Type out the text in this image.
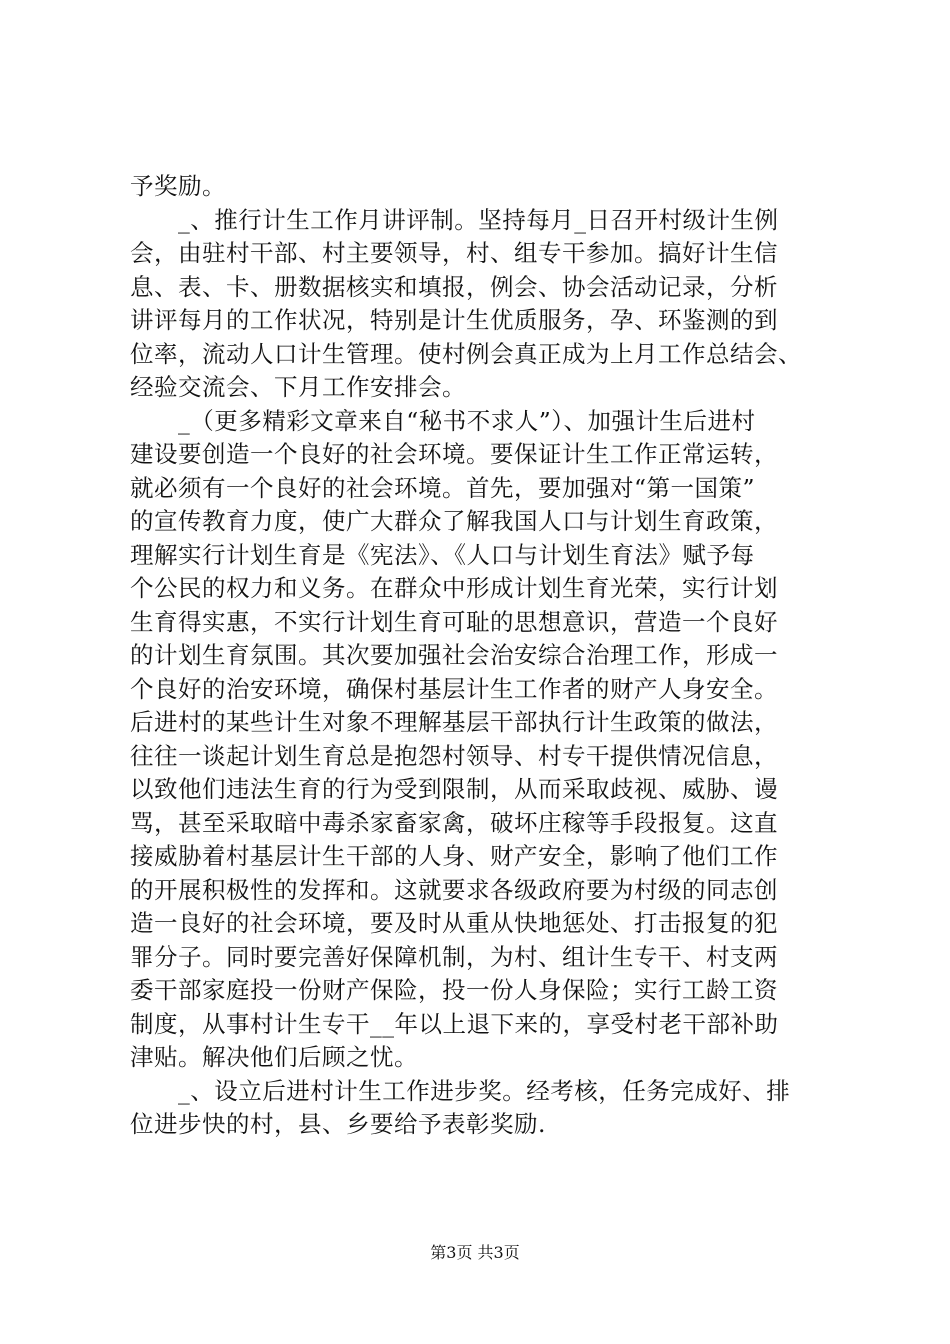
予奖励。
　　_、推行计生工作月讲评制。坚持每月_日召开村级计生例
会，由驻村干部、村主要领导，村、组专干参加。搞好计生信
息、表、卡、册数据核实和填报，例会、协会活动记录，分析
讲评每月的工作状况，特别是计生优质服务，孕、环鉴测的到
位率，流动人口计生管理。使村例会真正成为上月工作总结会、
经验交流会、下月工作安排会。
　　_（更多精彩文章来自“秘书不求人”）、加强计生后进村
建设要创造一个良好的社会环境。要保证计生工作正常运转，
就必须有一个良好的社会环境。首先，要加强对“第一国策”
的宣传教育力度，使广大群众了解我国人口与计划生育政策，
理解实行计划生育是《宪法》、《人口与计划生育法》赋予每
个公民的权力和义务。在群众中形成计划生育光荣，实行计划
生育得实惠，不实行计划生育可耻的思想意识，营造一个良好
的计划生育氛围。其次要加强社会治安综合治理工作，形成一
个良好的治安环境，确保村基层计生工作者的财产人身安全。
后进村的某些计生对象不理解基层干部执行计生政策的做法，
往往一谈起计划生育总是抱怨村领导、村专干提供情况信息，
以致他们违法生育的行为受到限制，从而采取歧视、威胁、谩
骂，甚至采取暗中毒杀家畜家禽，破坏庄稼等手段报复。这直
接威胁着村基层计生干部的人身、财产安全，影响了他们工作
的开展积极性的发挥和。这就要求各级政府要为村级的同志创
造一良好的社会环境，要及时从重从快地惩处、打击报复的犯
罪分子。同时要完善好保障机制，为村、组计生专干、村支两
委干部家庭投一份财产保险，投一份人身保险；实行工龄工资
制度，从事村计生专干__年以上退下来的，享受村老干部补助
津贴。解决他们后顾之忧。
　　_、设立后进村计生工作进步奖。经考核，任务完成好、排
位进步快的村，县、乡要给予表彰奖励.
第3页 共3页
